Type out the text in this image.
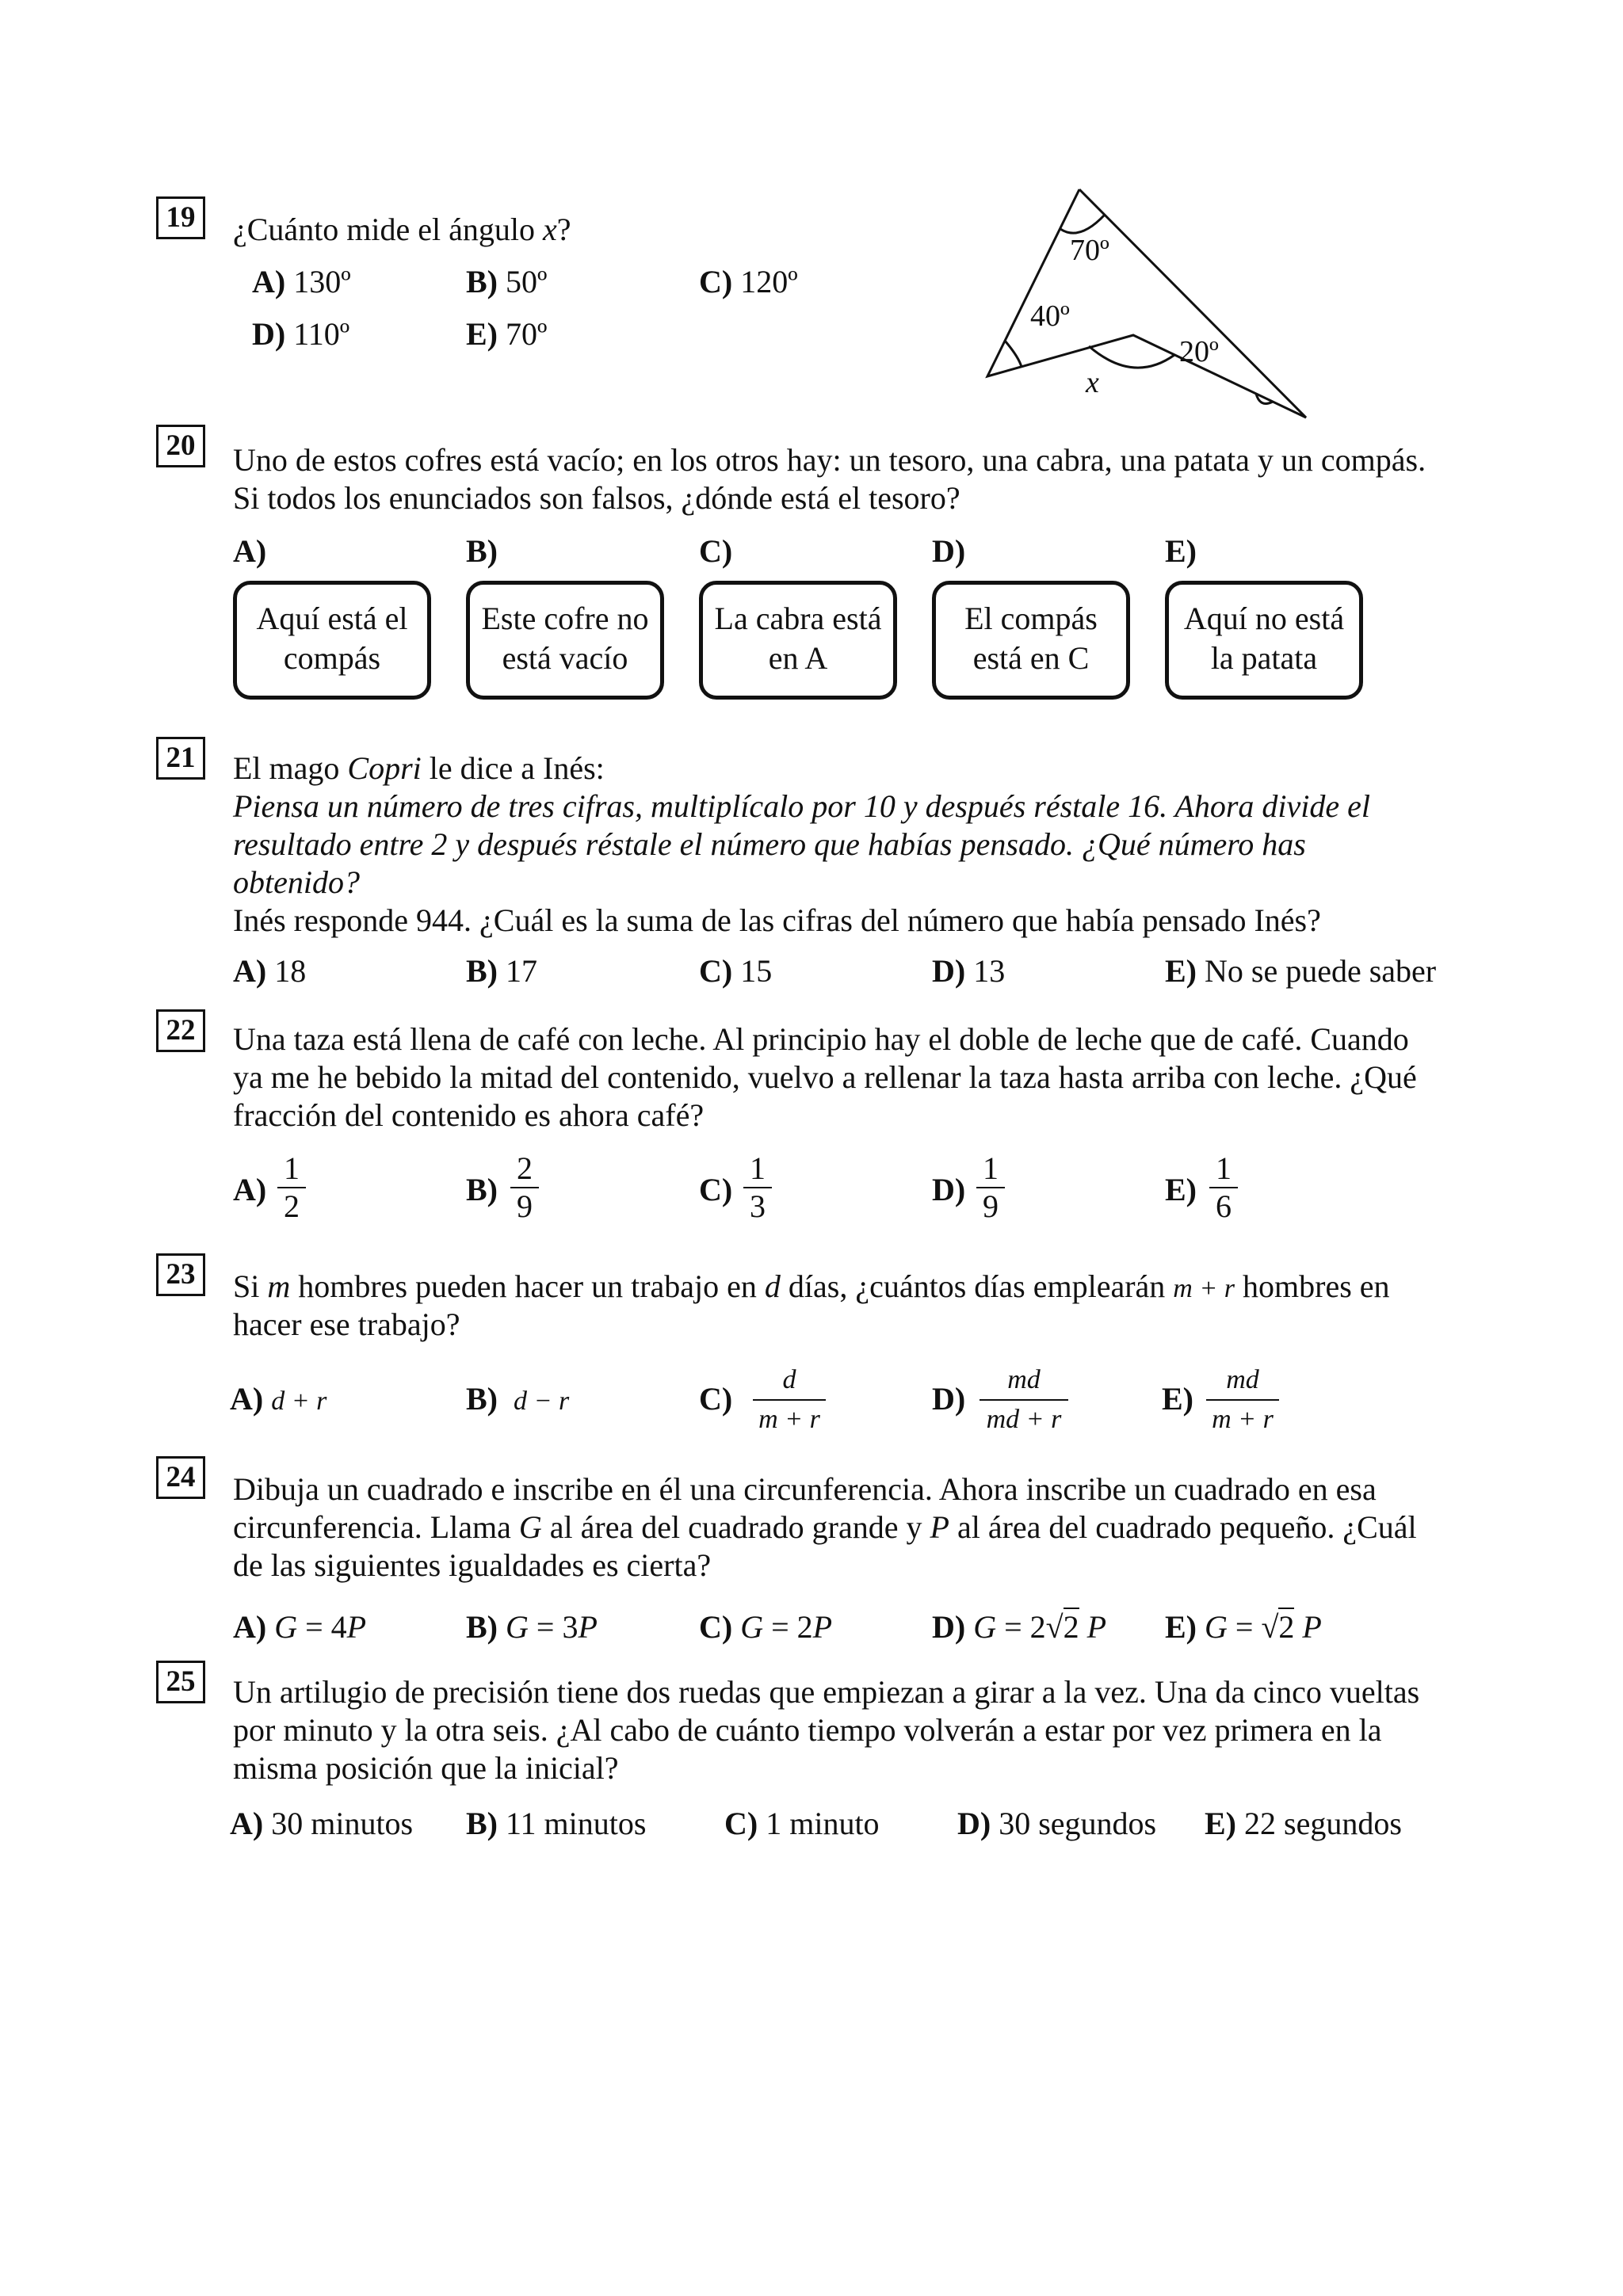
19	¿Cuánto mide el ángulo x?
A) 130º	B) 50º	C) 120º
D) 110º	E) 70º
70º
40º
20º
x
20	Uno de estos cofres está vacío; en los otros hay: un tesoro, una cabra, una patata y un compás.
Si todos los enunciados son falsos, ¿dónde está el tesoro?
A)	B)	C)	D)	E)
Aquí está el
compás
Este cofre no
está vacío
La cabra está
en A
El compás
está en C
Aquí no está
la patata
21	El mago Copri le dice a Inés:
Piensa un número de tres cifras, multiplícalo por 10 y después réstale 16. Ahora divide el
resultado entre 2 y después réstale el número que habías pensado. ¿Qué número has
obtenido?
Inés responde 944. ¿Cuál es la suma de las cifras del número que había pensado Inés?
A) 18	B) 17	C) 15	D) 13	E) No se puede saber
22	Una taza está llena de café con leche. Al principio hay el doble de leche que de café. Cuando
ya me he bebido la mitad del contenido, vuelvo a rellenar la taza hasta arriba con leche. ¿Qué
fracción del contenido es ahora café?
A)
1
2	B)
2
9	C)
1
3	D)
1
9	E)
1
6
23	Si m hombres pueden hacer un trabajo en d días, ¿cuántos días emplearán m + r hombres en
hacer ese trabajo?
A) d + r	B) d − r	C)
d
m + r
D)
md
md + r
E)
md
m + r
24	Dibuja un cuadrado e inscribe en él una circunferencia. Ahora inscribe un cuadrado en esa
circunferencia. Llama G al área del cuadrado grande y P al área del cuadrado pequeño. ¿Cuál
de las siguientes igualdades es cierta?
A) G = 4P	B) G = 3P	C) G = 2P	D) G = 2√2 P E) G = √2 P
25	Un artilugio de precisión tiene dos ruedas que empiezan a girar a la vez. Una da cinco vueltas
por minuto y la otra seis. ¿Al cabo de cuánto tiempo volverán a estar por vez primera en la
misma posición que la inicial?
A) 30 minutos B) 11 minutos C) 1 minuto D) 30 segundos E) 22 segundos
